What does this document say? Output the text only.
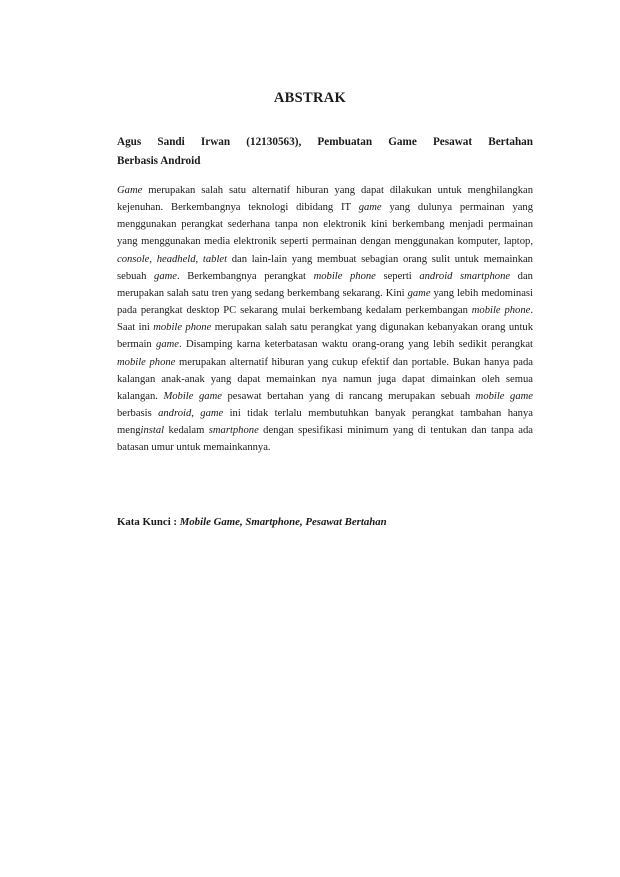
ABSTRAK
Agus Sandi Irwan (12130563), Pembuatan Game Pesawat Bertahan
Berbasis Android
Game merupakan salah satu alternatif hiburan yang dapat dilakukan untuk menghilangkan kejenuhan. Berkembangnya teknologi dibidang IT game yang dulunya permainan yang menggunakan perangkat sederhana tanpa non elektronik kini berkembang menjadi permainan yang menggunakan media elektronik seperti permainan dengan menggunakan komputer, laptop, console, headheld, tablet dan lain-lain yang membuat sebagian orang sulit untuk memainkan sebuah game. Berkembangnya perangkat mobile phone seperti android smartphone dan merupakan salah satu tren yang sedang berkembang sekarang. Kini game yang lebih medominasi pada perangkat desktop PC sekarang mulai berkembang kedalam perkembangan mobile phone. Saat ini mobile phone merupakan salah satu perangkat yang digunakan kebanyakan orang untuk bermain game. Disamping karna keterbatasan waktu orang-orang yang lebih sedikit perangkat mobile phone merupakan alternatif hiburan yang cukup efektif dan portable. Bukan hanya pada kalangan anak-anak yang dapat memainkan nya namun juga dapat dimainkan oleh semua kalangan. Mobile game pesawat bertahan yang di rancang merupakan sebuah mobile game berbasis android, game ini tidak terlalu membutuhkan banyak perangkat tambahan hanya menginstal kedalam smartphone dengan spesifikasi minimum yang di tentukan dan tanpa ada batasan umur untuk memainkannya.
Kata Kunci : Mobile Game, Smartphone, Pesawat Bertahan
